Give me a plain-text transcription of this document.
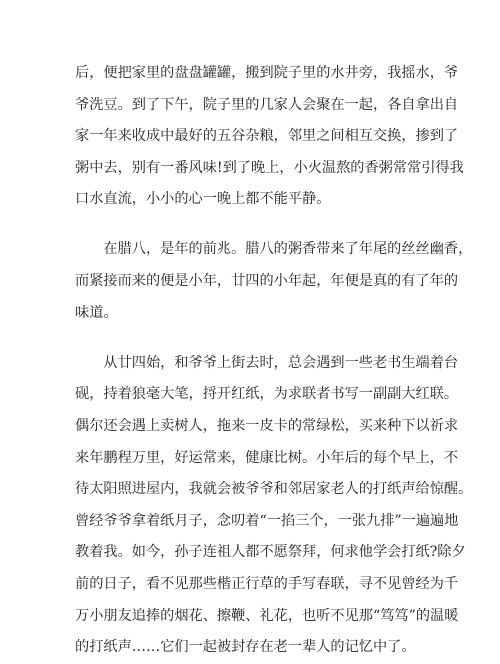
后，便把家里的盘盘罐罐，搬到院子里的水井旁，我摇水，爷
爷洗豆。到了下午，院子里的几家人会聚在一起，各自拿出自
家一年来收成中最好的五谷杂粮，邻里之间相互交换，掺到了
粥中去，别有一番风味!到了晚上，小火温熬的香粥常常引得我
口水直流，小小的心一晚上都不能平静。
　　在腊八，是年的前兆。腊八的粥香带来了年尾的丝丝幽香，
而紧接而来的便是小年，廿四的小年起，年便是真的有了年的
味道。
　　从廿四始，和爷爷上街去时，总会遇到一些老书生端着台
砚，持着狼毫大笔，捋开红纸，为求联者书写一副副大红联。
偶尔还会遇上卖树人，拖来一皮卡的常绿松，买来种下以祈求
来年鹏程万里，好运常来，健康比树。小年后的每个早上，不
待太阳照进屋内，我就会被爷爷和邻居家老人的打纸声给惊醒。
曾经爷爷拿着纸月子，念叨着“一掐三个，一张九排”一遍遍地
教着我。如今，孙子连祖人都不愿祭拜，何求他学会打纸?除夕
前的日子，看不见那些楷正行草的手写春联，寻不见曾经为千
万小朋友追捧的烟花、擦鞭、礼花，也听不见那“笃笃”的温暖
的打纸声……它们一起被封存在老一辈人的记忆中了。
